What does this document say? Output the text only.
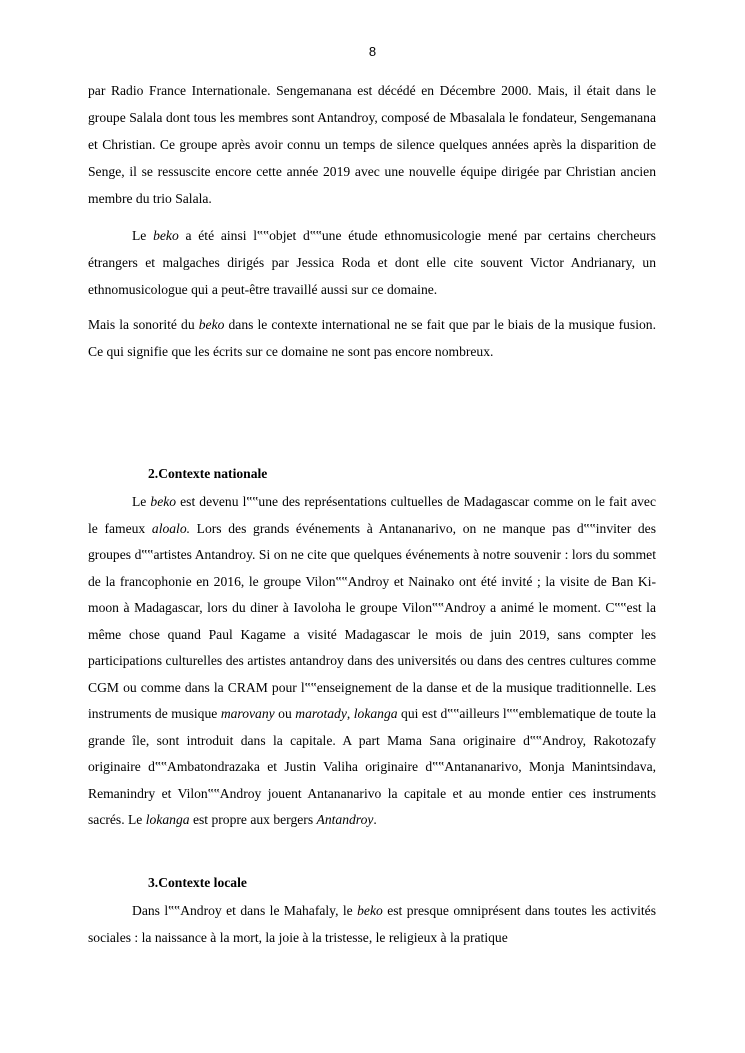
8

par Radio France Internationale. Sengemanana est décédé en Décembre 2000. Mais, il était dans le groupe Salala dont tous les membres sont Antandroy, composé de Mbasalala le fondateur, Sengemanana et Christian. Ce groupe après avoir connu un temps de silence quelques années après la disparition de Senge, il se ressuscite encore cette année 2019 avec une nouvelle équipe dirigée par Christian ancien membre du trio Salala.

Le beko a été ainsi l‟‟objet d‟‟une étude ethnomusicologie mené par certains chercheurs étrangers et malgaches dirigés par Jessica Roda et dont elle cite souvent Victor Andrianary, un ethnomusicologue qui a peut-être travaillé aussi sur ce domaine.

Mais la sonorité du beko dans le contexte international ne se fait que par le biais de la musique fusion. Ce qui signifie que les écrits sur ce domaine ne sont pas encore nombreux.

2.Contexte nationale

Le beko est devenu l‟‟une des représentations cultuelles de Madagascar comme on le fait avec le fameux aloalo. Lors des grands événements à Antananarivo, on ne manque pas d‟‟inviter des groupes d‟‟artistes Antandroy. Si on ne cite que quelques événements à notre souvenir : lors du sommet de la francophonie en 2016, le groupe Vilon‟‟Androy et Nainako ont été invité ; la visite de Ban Ki-moon à Madagascar, lors du diner à Iavoloha le groupe Vilon‟‟Androy a animé le moment. C‟‟est la même chose quand Paul Kagame a visité Madagascar le mois de juin 2019, sans compter les participations culturelles des artistes antandroy dans des universités ou dans des centres cultures comme CGM ou comme dans la CRAM pour l‟‟enseignement de la danse et de la musique traditionnelle. Les instruments de musique marovany ou marotady, lokanga qui est d‟‟ailleurs l‟‟emblematique de toute la grande île, sont introduit dans la capitale. A part Mama Sana originaire d‟‟Androy, Rakotozafy originaire d‟‟Ambatondrazaka et Justin Valiha originaire d‟‟Antananarivo, Monja Manintsindava, Remanindry et Vilon‟‟Androy jouent Antananarivo la capitale et au monde entier ces instruments sacrés. Le lokanga est propre aux bergers Antandroy.

3.Contexte locale

Dans l‟‟Androy et dans le Mahafaly, le beko est presque omniprésent dans toutes les activités sociales : la naissance à la mort, la joie à la tristesse, le religieux à la pratique
